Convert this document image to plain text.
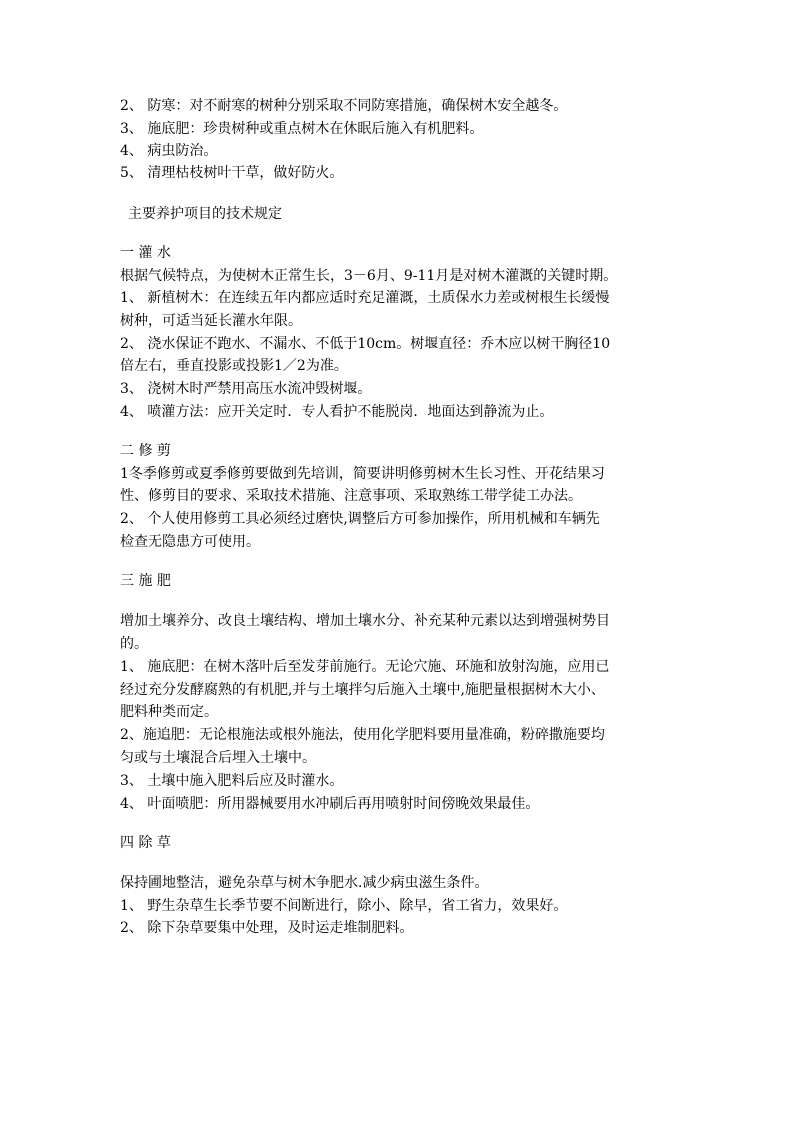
2、 防寒：对不耐寒的树种分别采取不同防寒措施，确保树木安全越冬。
3、 施底肥：珍贵树种或重点树木在休眠后施入有机肥料。
4、 病虫防治。
5、 清理枯枝树叶干草，做好防火。
主要养护项目的技术规定
一 灌 水
根据气候特点，为使树木正常生长，3－6月、9-11月是对树木灌溉的关键时期。
1、 新植树木：在连续五年内都应适时充足灌溉，土质保水力差或树根生长缓慢
树种，可适当延长灌水年限。
2、 浇水保证不跑水、不漏水、不低于10cm。树堰直径：乔木应以树干胸径10
倍左右，垂直投影或投影1／2为准。
3、 浇树木时严禁用高压水流冲毁树堰。
4、 喷灌方法：应开关定时．专人看护不能脱岗．地面达到静流为止。
二 修 剪
1冬季修剪或夏季修剪要做到先培训，简要讲明修剪树木生长习性、开花结果习
性、修剪目的要求、采取技术措施、注意事项、采取熟练工带学徒工办法。
2、 个人使用修剪工具必须经过磨快,调整后方可参加操作，所用机械和车辆先
检查无隐患方可使用。
三 施 肥
增加土壤养分、改良土壤结构、增加土壤水分、补充某种元素以达到增强树势目
的。
1、 施底肥：在树木落叶后至发芽前施行。无论穴施、环施和放射沟施，应用已
经过充分发酵腐熟的有机肥,并与土壤拌匀后施入土壤中,施肥量根据树木大小、
肥料种类而定。
2、施追肥：无论根施法或根外施法，使用化学肥料要用量准确，粉碎撒施要均
匀或与土壤混合后埋入土壤中。
3、 土壤中施入肥料后应及时灌水。
4、 叶面喷肥：所用器械要用水冲刷后再用喷射时间傍晚效果最佳。
四 除 草
保持圃地整洁，避免杂草与树木争肥水.减少病虫滋生条件。
1、 野生杂草生长季节要不间断进行，除小、除早，省工省力，效果好。
2、 除下杂草要集中处理，及时运走堆制肥料。
